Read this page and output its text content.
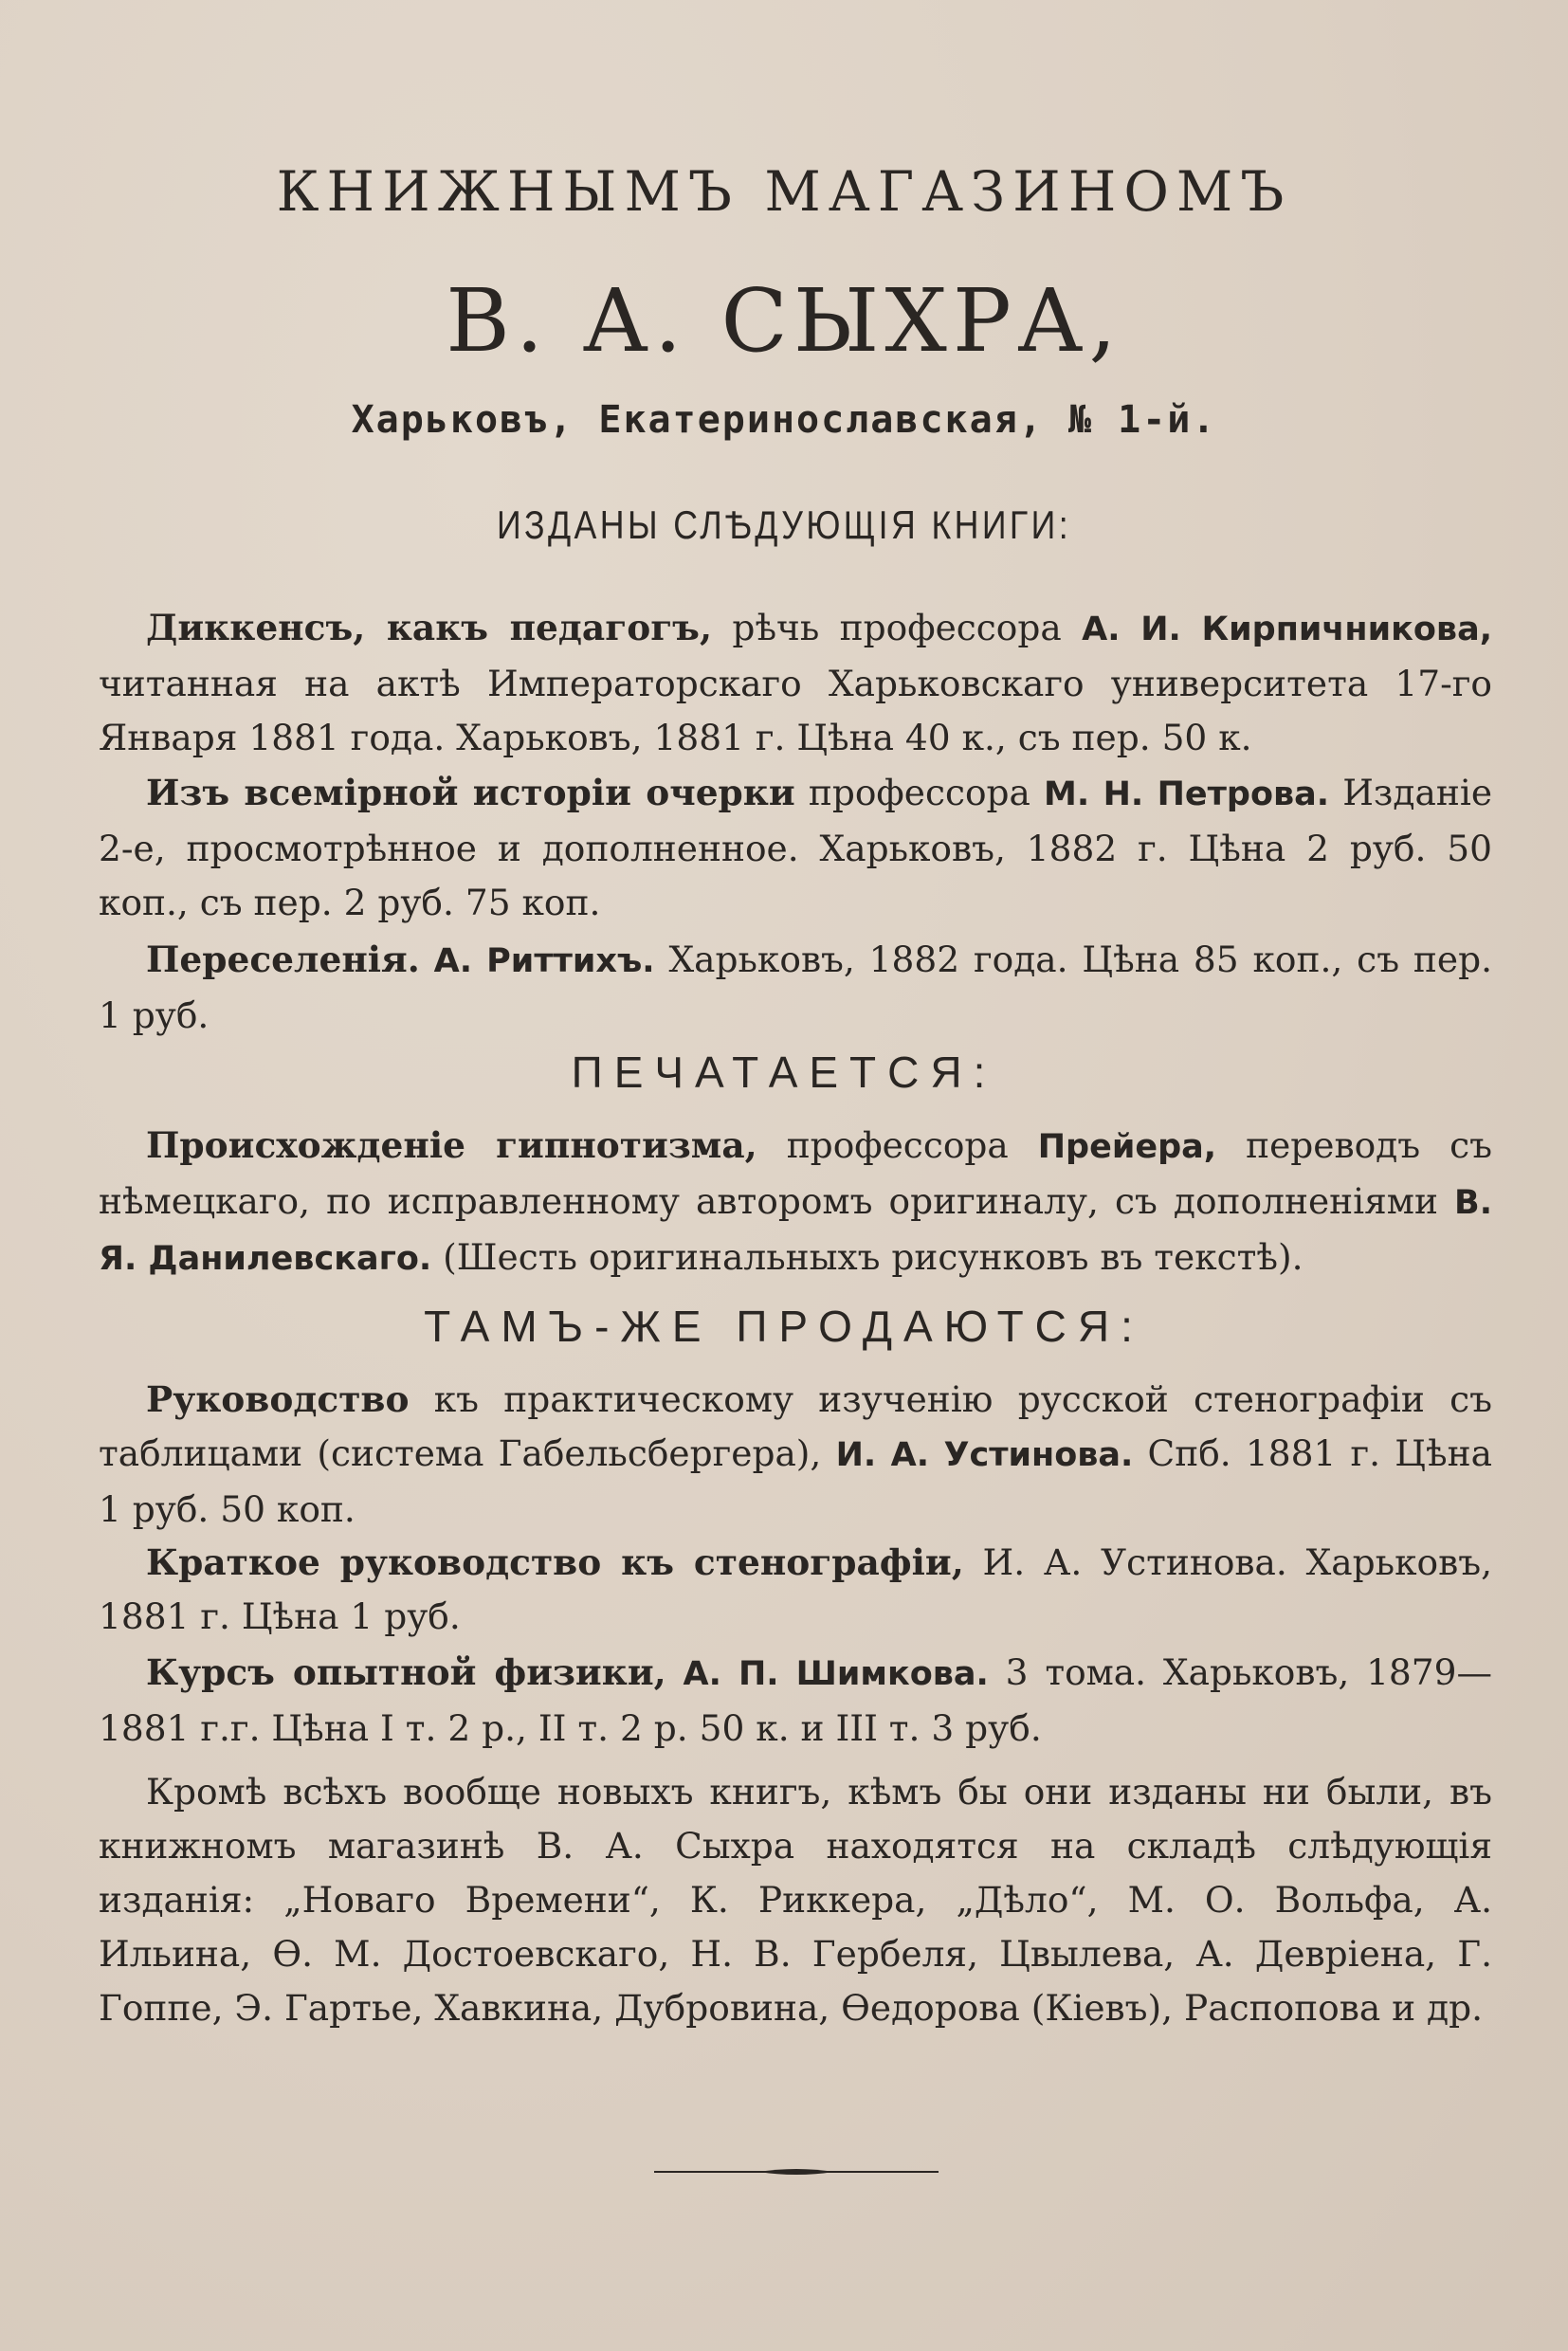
КНИЖНЫМЪ МАГАЗИНОМЪ
В. А. СЫХРА,
Харьковъ, Екатеринославская, № 1-й.
ИЗДАНЫ СЛѢДУЮЩІЯ КНИГИ:
Диккенсъ, какъ педагогъ, рѣчь профессора А. И. Кирпичникова, читанная на актѣ Императорскаго Харьковскаго университета 17-го Января 1881 года. Харьковъ, 1881 г. Цѣна 40 к., съ пер. 50 к.
Изъ всемірной исторіи очерки профессора М. Н. Петрова. Изданіе 2-е, просмотрѣнное и дополненное. Харьковъ, 1882 г. Цѣна 2 руб. 50 коп., съ пер. 2 руб. 75 коп.
Переселенія. А. Риттихъ. Харьковъ, 1882 года. Цѣна 85 коп., съ пер. 1 руб.
ПЕЧАТАЕТСЯ:
Происхожденіе гипнотизма, профессора Прейера, переводъ съ нѣмецкаго, по исправленному авторомъ оригиналу, съ дополненіями В. Я. Данилевскаго. (Шесть оригинальныхъ рисунковъ въ текстѣ).
ТАМЪ-ЖЕ ПРОДАЮТСЯ:
Руководство къ практическому изученію русской стенографіи съ таблицами (система Габельсбергера), И. А. Устинова. Спб. 1881 г. Цѣна 1 руб. 50 коп.
Краткое руководство къ стенографіи, И. А. Устинова. Харьковъ, 1881 г. Цѣна 1 руб.
Курсъ опытной физики, А. П. Шимкова. 3 тома. Харьковъ, 1879—1881 г.г. Цѣна I т. 2 р., II т. 2 р. 50 к. и III т. 3 руб.
Кромѣ всѣхъ вообще новыхъ книгъ, кѣмъ бы они изданы ни были, въ книжномъ магазинѣ В. А. Сыхра находятся на складѣ слѣдующія изданія: „Новаго Времени“, К. Риккера, „Дѣло“, М. О. Вольфа, А. Ильина, Ѳ. М. Достоевскаго, Н. В. Гербеля, Цвылева, А. Девріена, Г. Гоппе, Э. Гартье, Хавкина, Дубровина, Ѳедорова (Кіевъ), Распопова и др.
